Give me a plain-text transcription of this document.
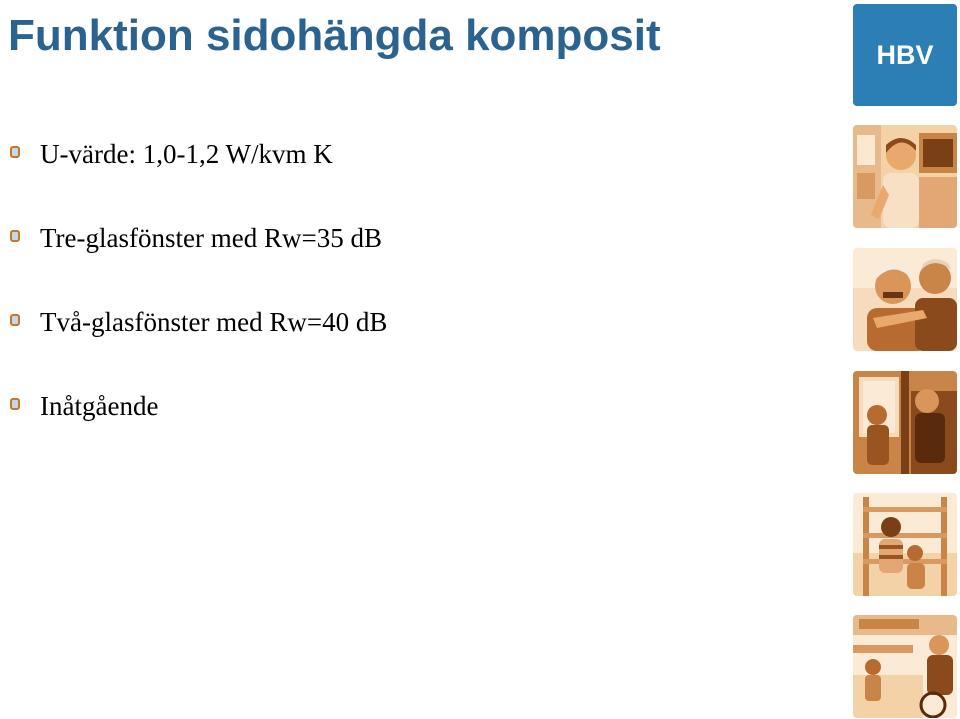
Funktion sidohängda komposit	HBV
U-värde: 1,0-1,2 W/kvm K
Tre-glasfönster med Rw=35 dB
Två-glasfönster med Rw=40 dB
Inåtgående
